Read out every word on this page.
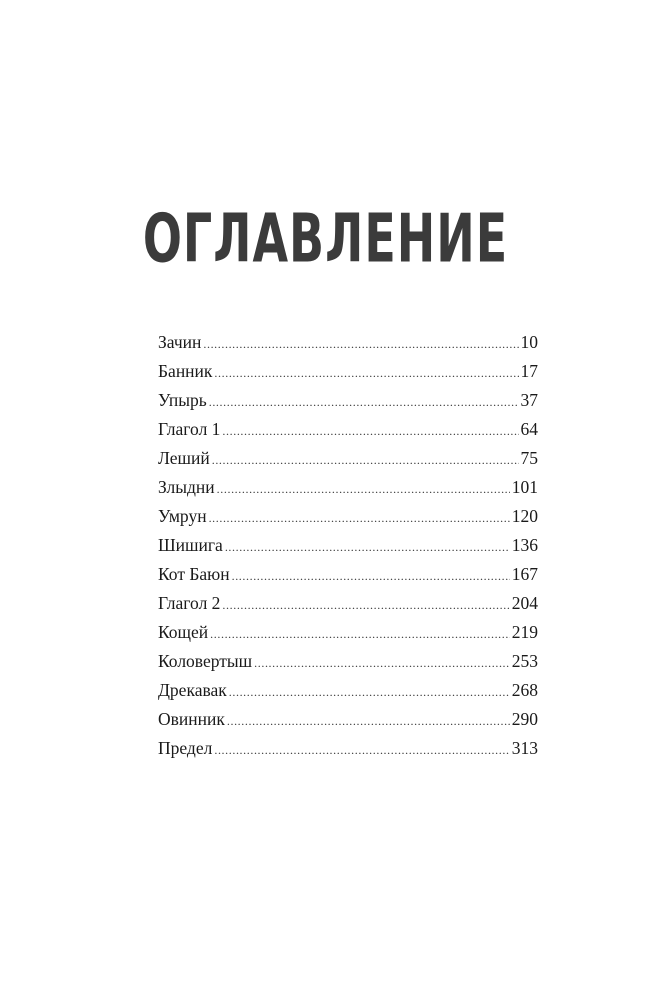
ОГЛАВЛЕНИЕ
Зачин .....	10
Банник .....	17
Упырь .....	37
Глагол 1 .....	64
Леший .....	75
Злыдни .....	101
Умрун .....	120
Шишига .....	136
Кот Баюн .....	167
Глагол 2 .....	204
Кощей .....	219
Коловертыш .....	253
Дрекавак .....	268
Овинник .....	290
Предел .....	313
